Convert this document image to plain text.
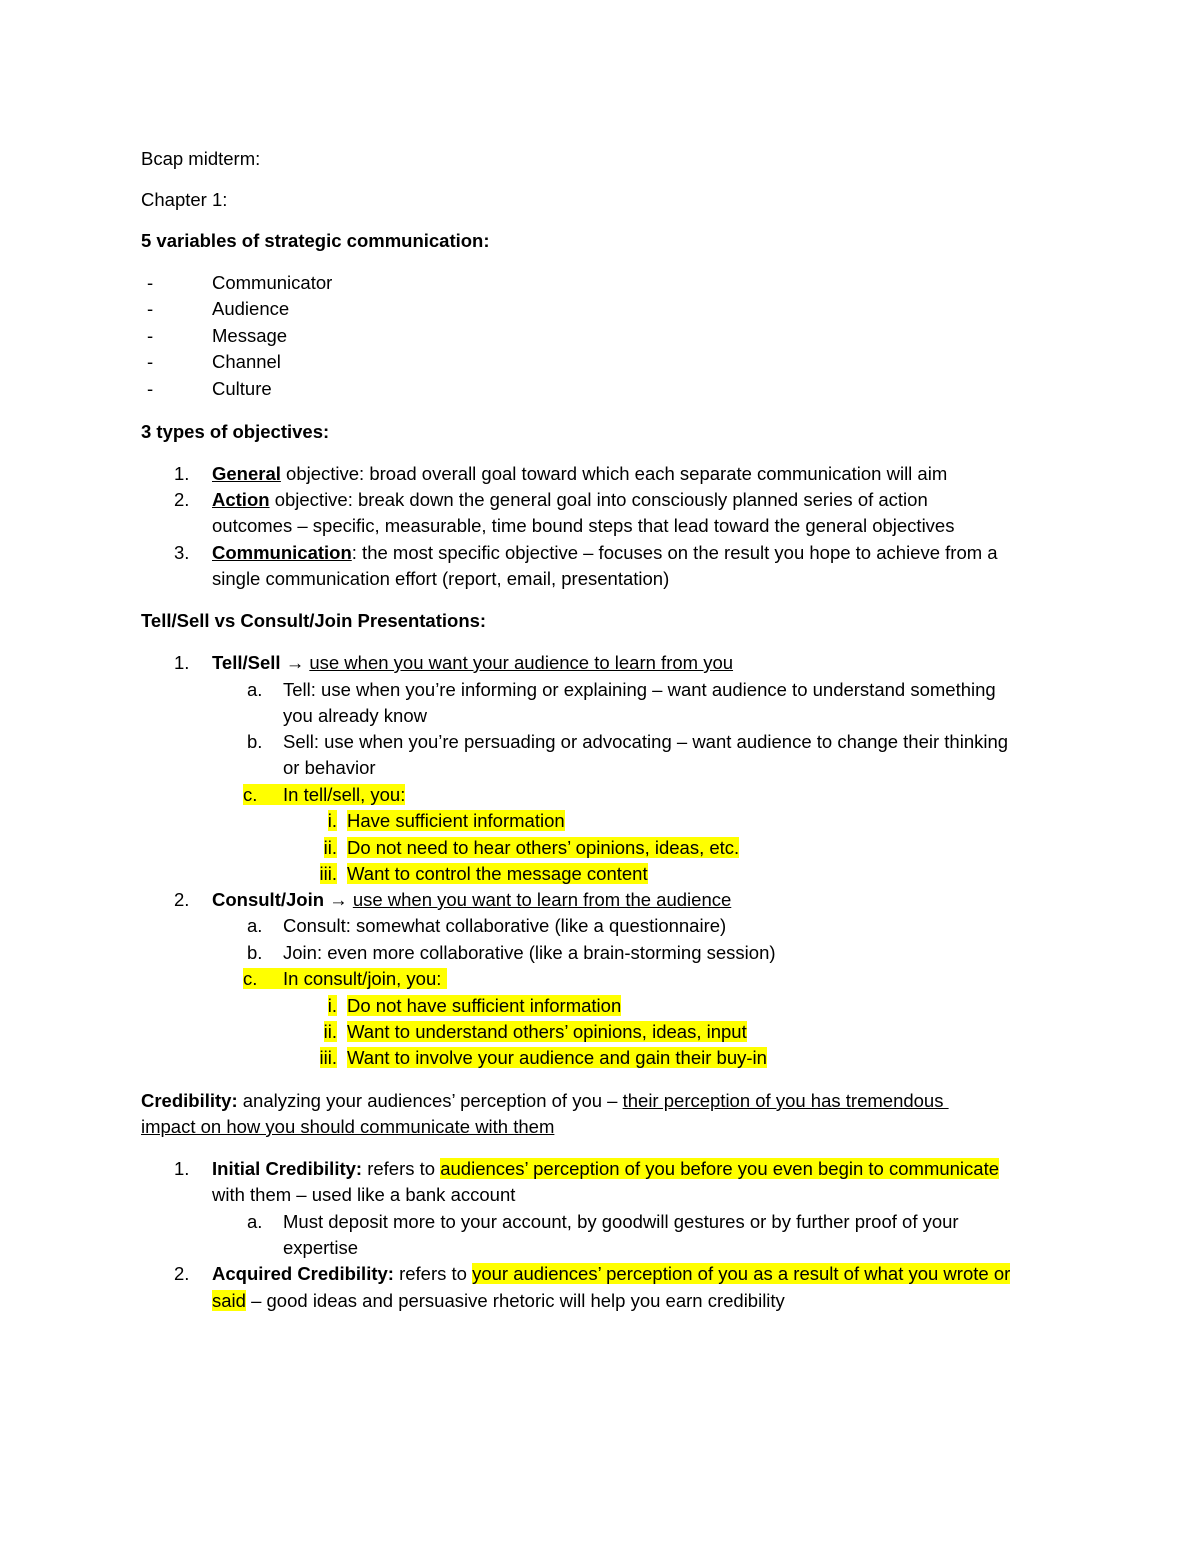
Bcap midterm:
Chapter 1:
5 variables of strategic communication:
-	Communicator
-	Audience
-	Message
-	Channel
-	Culture
3 types of objectives:
1. General objective: broad overall goal toward which each separate communication will aim
2. Action objective: break down the general goal into consciously planned series of action
outcomes – specific, measurable, time bound steps that lead toward the general objectives
3. Communication: the most specific objective – focuses on the result you hope to achieve from a
single communication effort (report, email, presentation)
Tell/Sell vs Consult/Join Presentations:
1. Tell/Sell → use when you want your audience to learn from you
a. Tell: use when you’re informing or explaining – want audience to understand something
you already know
b. Sell: use when you’re persuading or advocating – want audience to change their thinking
or behavior
c. In tell/sell, you:
i. Have sufficient information
ii. Do not need to hear others’ opinions, ideas, etc.
iii. Want to control the message content
2. Consult/Join → use when you want to learn from the audience
a. Consult: somewhat collaborative (like a questionnaire)
b. Join: even more collaborative (like a brain-storming session)
c. In consult/join, you:
i. Do not have sufficient information
ii. Want to understand others’ opinions, ideas, input
iii. Want to involve your audience and gain their buy-in
Credibility: analyzing your audiences’ perception of you – their perception of you has tremendous
impact on how you should communicate with them
1. Initial Credibility: refers to audiences’ perception of you before you even begin to communicate
with them – used like a bank account
a. Must deposit more to your account, by goodwill gestures or by further proof of your
expertise
2. Acquired Credibility: refers to your audiences’ perception of you as a result of what you wrote or
said – good ideas and persuasive rhetoric will help you earn credibility
